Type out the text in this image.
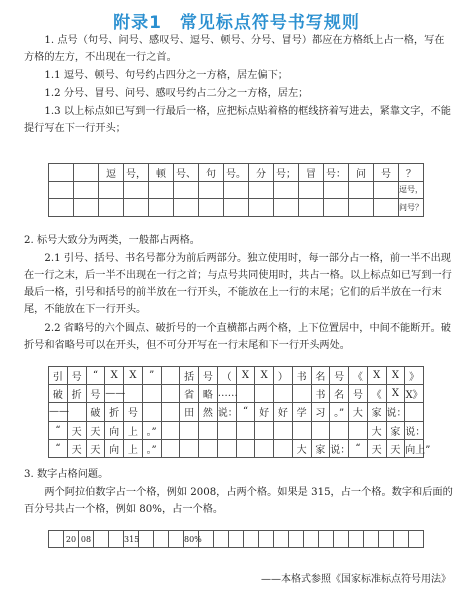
附录1　常见标点符号书写规则

1. 点号（句号、问号、感叹号、逗号、顿号、分号、冒号）都应在方格纸上占一格，写在方格的左方，不出现在一行之首。

1.1 逗号、顿号、句号约占四分之一方格，居左偏下；

1.2 分号、冒号、问号、感叹号约占二分之一方格，居左；

1.3 以上标点如已写到一行最后一格，应把标点贴着格的框线挤着写进去，紧靠文字，不能提行写在下一行开头；

		逗	号，	顿	号、	句	号。	分	号；	冒	号：	问	号	？
														逗号，
														问号？

2. 标号大致分为两类，一般都占两格。

2.1 引号、括号、书名号都分为前后两部分。独立使用时，每一部分占一格，前一半不出现在一行之末，后一半不出现在一行之首；与点号共同使用时，共占一格。以上标点如已写到一行最后一格，引号和括号的前半放在一行开头，不能放在上一行的末尾；它们的后半放在一行末尾，不能放在下一行开头。

2.2 省略号的六个圆点、破折号的一个直横都占两个格，上下位置居中，中间不能断开。破折号和省略号可以在开头，但不可分开写在一行末尾和下一行开头两处。

引	号	“	X	X	”		括	号	（	X	X	）	书	名	号	《	X	X	》
破	折	号	——				省	略	……					书	名	号	《	X	X》
——		破	折	号			田	然	说：	“	好	好	学	习	。”	大	家	说：	
“	天	天	向	上	。”												大	家	说：
“	天	天	向	上	。”								大	家	说：	“	天	天	向上”

3. 数字占格问题。

两个阿拉伯数字占一个格，例如 2008，占两个格。如果是 315，占一个格。数字和后面的百分号共占一个格，例如 80%，占一个格。

	20	08			315				80%															
——本格式参照《国家标准标点符号用法》
